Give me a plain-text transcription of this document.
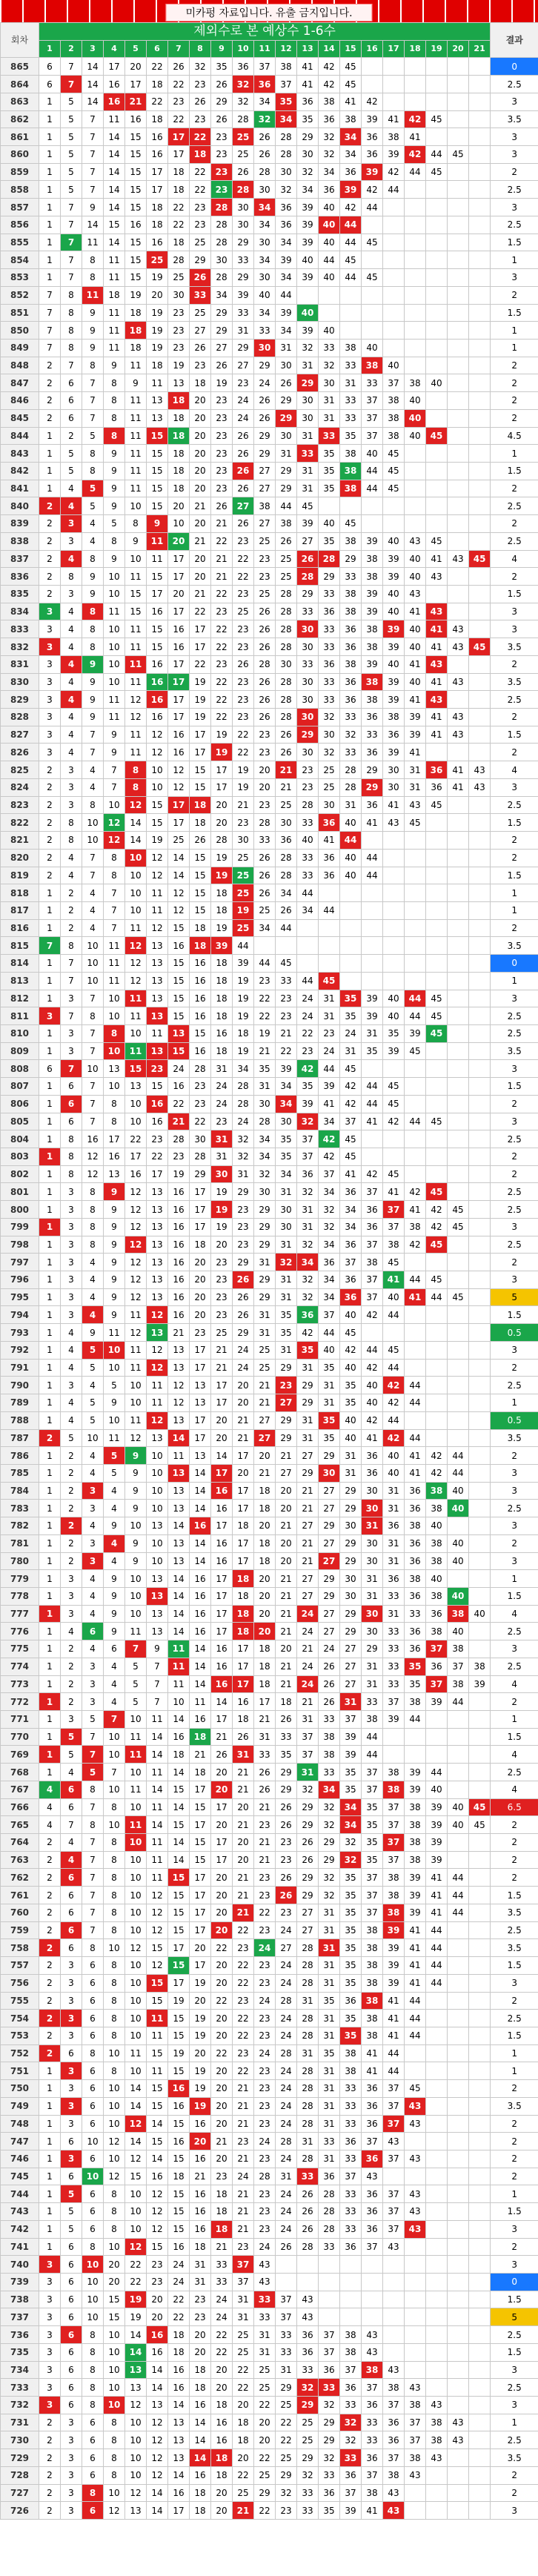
미카펑 자료입니다. 유출 금지입니다.
회차	제외수로 본 예상수 1-6수																					결과
	1	2	3	4	5	6	7	8	9	10	11	12	13	14	15	16	17	18	19	20	21	
865	6	7	14	17	20	22	26	32	35	36	37	38	41	42	45							0
864	6	7	14	16	17	18	22	23	26	32	36	37	41	42	45							2.5
863	1	5	14	16	21	22	23	26	29	32	34	35	36	38	41	42						3
862	1	5	7	11	16	18	22	23	26	28	32	34	35	36	38	39	41	42	45			3.5
861	1	5	7	14	15	16	17	22	23	25	26	28	29	32	34	36	38	41				3
860	1	5	7	14	15	16	17	18	23	25	26	28	30	32	34	36	39	42	44	45		3
859	1	5	7	14	15	17	18	22	23	26	28	30	32	34	36	39	42	44	45			2
858	1	5	7	14	15	17	18	22	23	28	30	32	34	36	39	42	44					2.5
857	1	7	9	14	15	18	22	23	28	30	34	36	39	40	42	44						3
856	1	7	14	15	16	18	22	23	28	30	34	36	39	40	44							2.5
855	1	7	11	14	15	16	18	25	28	29	30	34	39	40	44	45						1.5
854	1	7	8	11	15	25	28	29	30	33	34	39	40	44	45							1
853	1	7	8	11	15	19	25	26	28	29	30	34	39	40	44	45						3
852	7	8	11	18	19	20	30	33	34	39	40	44										2
851	7	8	9	11	18	19	23	25	29	33	34	39	40									1.5
850	7	8	9	11	18	19	23	27	29	31	33	34	39	40								1
849	7	8	9	11	18	19	23	26	27	29	30	31	32	33	38	40						1
848	2	7	8	9	11	18	19	23	26	27	29	30	31	32	33	38	40					2
847	2	6	7	8	9	11	13	18	19	23	24	26	29	30	31	33	37	38	40			2
846	2	6	7	8	11	13	18	20	23	24	26	29	30	31	33	37	38	40				2
845	2	6	7	8	11	13	18	20	23	24	26	29	30	31	33	37	38	40				2
844	1	2	5	8	11	15	18	20	23	26	29	30	31	33	35	37	38	40	45			4.5
843	1	5	8	9	11	15	18	20	23	26	29	31	33	35	38	40	45					1
842	1	5	8	9	11	15	18	20	23	26	27	29	31	35	38	44	45					1.5
841	1	4	5	9	11	15	18	20	23	26	27	29	31	35	38	44	45					2
840	2	4	5	9	10	15	20	21	26	27	38	44	45									2.5
839	2	3	4	5	8	9	10	20	21	26	27	38	39	40	45							2
838	2	3	4	8	9	11	20	21	22	23	25	26	27	35	38	39	40	43	45			2.5
837	2	4	8	9	10	11	17	20	21	22	23	25	26	28	29	38	39	40	41	43	45	4
836	2	8	9	10	11	15	17	20	21	22	23	25	28	29	33	38	39	40	43			2
835	2	3	9	10	15	17	20	21	22	23	25	28	29	33	38	39	40	43				1.5
834	3	4	8	11	15	16	17	22	23	25	26	28	33	36	38	39	40	41	43			3
833	3	4	8	10	11	15	16	17	22	23	26	28	30	33	36	38	39	40	41	43		3
832	3	4	8	10	11	15	16	17	22	23	26	28	30	33	36	38	39	40	41	43	45	3.5
831	3	4	9	10	11	16	17	22	23	26	28	30	33	36	38	39	40	41	43			2
830	3	4	9	10	11	16	17	19	22	23	26	28	30	33	36	38	39	40	41	43		3.5
829	3	4	9	11	12	16	17	19	22	23	26	28	30	33	36	38	39	41	43			2.5
828	3	4	9	11	12	16	17	19	22	23	26	28	30	32	33	36	38	39	41	43		2
827	3	4	7	9	11	12	16	17	19	22	23	26	29	30	32	33	36	39	41	43		1.5
826	3	4	7	9	11	12	16	17	19	22	23	26	30	32	33	36	39	41				2
825	2	3	4	7	8	10	12	15	17	19	20	21	23	25	28	29	30	31	36	41	43	4
824	2	3	4	7	8	10	12	15	17	19	20	21	23	25	28	29	30	31	36	41	43	3
823	2	3	8	10	12	15	17	18	20	21	23	25	28	30	31	36	41	43	45			2.5
822	2	8	10	12	14	15	17	18	20	23	28	30	33	36	40	41	43	45				1.5
821	2	8	10	12	14	19	25	26	28	30	33	36	40	41	44							2
820	2	4	7	8	10	12	14	15	19	25	26	28	33	36	40	44						2
819	2	4	7	8	10	12	14	15	19	25	26	28	33	36	40	44						1.5
818	1	2	4	7	10	11	12	15	18	25	26	34	44									1
817	1	2	4	7	10	11	12	15	18	19	25	26	34	44								1
816	1	2	4	7	11	12	15	18	19	25	34	44										2
815	7	8	10	11	12	13	16	18	39	44												3.5
814	1	7	10	11	12	13	15	16	18	39	44	45										0
813	1	7	10	11	12	13	15	16	18	19	23	33	44	45								1
812	1	3	7	10	11	13	15	16	18	19	22	23	24	31	35	39	40	44	45			3
811	3	7	8	10	11	13	15	16	18	19	22	23	24	31	35	39	40	44	45			2.5
810	1	3	7	8	10	11	13	15	16	18	19	21	22	23	24	31	35	39	45			2.5
809	1	3	7	10	11	13	15	16	18	19	21	22	23	24	31	35	39	45				3.5
808	6	7	10	13	15	23	24	28	31	34	35	39	42	44	45							3
807	1	6	7	10	13	15	16	23	24	28	31	34	35	39	42	44	45					1.5
806	1	6	7	8	10	16	22	23	24	28	30	34	39	41	42	44	45					2
805	1	6	7	8	10	16	21	22	23	24	28	30	32	34	37	41	42	44	45			3
804	1	8	16	17	22	23	28	30	31	32	34	35	37	42	45							2.5
803	1	8	12	16	17	22	23	28	31	32	34	35	37	42	45							2
802	1	8	12	13	16	17	19	29	30	31	32	34	36	37	41	42	45					2
801	1	3	8	9	12	13	16	17	19	29	30	31	32	34	36	37	41	42	45			2.5
800	1	3	8	9	12	13	16	17	19	23	29	30	31	32	34	36	37	41	42	45		2.5
799	1	3	8	9	12	13	16	17	19	23	29	30	31	32	34	36	37	38	42	45		3
798	1	3	8	9	12	13	16	18	20	23	29	31	32	34	36	37	38	42	45			2.5
797	1	3	4	9	12	13	16	20	23	29	31	32	34	36	37	38	45					2
796	1	3	4	9	12	13	16	20	23	26	29	31	32	34	36	37	41	44	45			3
795	1	3	4	9	12	13	16	20	23	26	29	31	32	34	36	37	40	41	44	45		5
794	1	3	4	9	11	12	16	20	23	26	31	35	36	37	40	42	44					1.5
793	1	4	9	11	12	13	21	23	25	29	31	35	42	44	45							0.5
792	1	4	5	10	11	12	13	17	21	24	25	31	35	40	42	44	45					3
791	1	4	5	10	11	12	13	17	21	24	25	29	31	35	40	42	44					2
790	1	3	4	5	10	11	12	13	17	20	21	23	29	31	35	40	42	44				2.5
789	1	4	5	9	10	11	12	13	17	20	21	27	29	31	35	40	42	44				1
788	1	4	5	10	11	12	13	17	20	21	27	29	31	35	40	42	44					0.5
787	2	5	10	11	12	13	14	17	20	21	27	29	31	35	40	41	42	44				3.5
786	1	2	4	5	9	10	11	13	14	17	20	21	27	29	31	36	40	41	42	44		2
785	1	2	4	5	9	10	13	14	17	20	21	27	29	30	31	36	40	41	42	44		3
784	1	2	3	4	9	10	13	14	16	17	18	20	21	27	29	30	31	36	38	40		3
783	1	2	3	4	9	10	13	14	16	17	18	20	21	27	29	30	31	36	38	40		2.5
782	1	2	4	9	10	13	14	16	17	18	20	21	27	29	30	31	36	38	40			3
781	1	2	3	4	9	10	13	14	16	17	18	20	21	27	29	30	31	36	38	40		2
780	1	2	3	4	9	10	13	14	16	17	18	20	21	27	29	30	31	36	38	40		3
779	1	3	4	9	10	13	14	16	17	18	20	21	27	29	30	31	36	38	40			1
778	1	3	4	9	10	13	14	16	17	18	20	21	27	29	30	31	33	36	38	40		1.5
777	1	3	4	9	10	13	14	16	17	18	20	21	24	27	29	30	31	33	36	38	40	4
776	1	4	6	9	11	13	14	16	17	18	20	21	24	27	29	30	33	36	38	40		2.5
775	1	2	4	6	7	9	11	14	16	17	18	20	21	24	27	29	33	36	37	38		3
774	1	2	3	4	5	7	11	14	16	17	18	21	24	26	27	31	33	35	36	37	38	2.5
773	1	2	3	4	5	7	11	14	16	17	18	21	24	26	27	31	33	35	37	38	39	4
772	1	2	3	4	5	7	10	11	14	16	17	18	21	26	31	33	37	38	39	44		2
771	1	3	5	7	10	11	14	16	17	18	21	26	31	33	37	38	39	44				1
770	1	5	7	10	11	14	16	18	21	26	31	33	37	38	39	44						1.5
769	1	5	7	10	11	14	18	21	26	31	33	35	37	38	39	44						4
768	1	4	5	7	10	11	14	18	20	21	26	29	31	33	35	37	38	39	44			2.5
767	4	6	8	10	11	14	15	17	20	21	26	29	32	34	35	37	38	39	40			4
766	4	6	7	8	10	11	14	15	17	20	21	26	29	32	34	35	37	38	39	40	45	6.5
765	4	7	8	10	11	14	15	17	20	21	23	26	29	32	34	35	37	38	39	40	45	2
764	2	4	7	8	10	11	14	15	17	20	21	23	26	29	32	35	37	38	39			2
763	2	4	7	8	10	11	14	15	17	20	21	23	26	29	32	35	37	38	39			2
762	2	6	7	8	10	11	15	17	20	21	23	26	29	32	35	37	38	39	41	44		2
761	2	6	7	8	10	12	15	17	20	21	23	26	29	32	35	37	38	39	41	44		1.5
760	2	6	7	8	10	12	15	17	20	21	22	23	27	31	35	37	38	39	41	44		3.5
759	2	6	7	8	10	12	15	17	20	22	23	24	27	31	35	38	39	41	44			2.5
758	2	6	8	10	12	15	17	20	22	23	24	27	28	31	35	38	39	41	44			3.5
757	2	3	6	8	10	12	15	17	20	22	23	24	28	31	35	38	39	41	44			1.5
756	2	3	6	8	10	15	17	19	20	22	23	24	28	31	35	38	39	41	44			3
755	2	3	6	8	10	15	19	20	22	23	24	28	31	35	36	38	41	44				2
754	2	3	6	8	10	11	15	19	20	22	23	24	28	31	35	38	41	44				2.5
753	2	3	6	8	10	11	15	19	20	22	23	24	28	31	35	38	41	44				1.5
752	2	6	8	10	11	15	19	20	22	23	24	28	31	35	38	41	44					1
751	1	3	6	8	10	11	15	19	20	22	23	24	28	31	38	41	44					1
750	1	3	6	10	14	15	16	19	20	21	23	24	28	31	33	36	37	45				2
749	1	3	6	10	14	15	16	19	20	21	23	24	28	31	33	36	37	43				3.5
748	1	3	6	10	12	14	15	16	20	21	23	24	28	31	33	36	37	43				2
747	1	6	10	12	14	15	16	20	21	23	24	28	31	33	36	37	43					2
746	1	3	6	10	12	14	15	16	20	21	23	24	28	31	33	36	37	43				2
745	1	6	10	12	15	16	18	21	23	24	28	31	33	36	37	43						2
744	1	5	6	8	10	12	15	16	18	21	23	24	26	28	33	36	37	43				1
743	1	5	6	8	10	12	15	16	18	21	23	24	26	28	33	36	37	43				1.5
742	1	5	6	8	10	12	15	16	18	21	23	24	26	28	33	36	37	43				3
741	1	6	8	10	12	15	16	18	21	23	24	26	28	33	36	37	43					2
740	3	6	10	20	22	23	24	31	33	37	43											3
739	3	6	10	20	22	23	24	31	33	37	43											0
738	3	6	10	15	19	20	22	23	24	31	33	37	43									1.5
737	3	6	10	15	19	20	22	23	24	31	33	37	43									5
736	3	6	8	10	14	16	18	20	22	25	31	33	36	37	38	43						2.5
735	3	6	8	10	14	16	18	20	22	25	31	33	36	37	38	43						1.5
734	3	6	8	10	13	14	16	18	20	22	25	31	33	36	37	38	43					3
733	3	6	8	10	13	14	16	18	20	22	25	29	32	33	36	37	38	43				2.5
732	3	6	8	10	12	13	14	16	18	20	22	25	29	32	33	36	37	38	43			3
731	2	3	6	8	10	12	13	14	16	18	20	22	25	29	32	33	36	37	38	43		1
730	2	3	6	8	10	12	13	14	16	18	20	22	25	29	32	33	36	37	38	43		2.5
729	2	3	6	8	10	12	13	14	18	20	22	25	29	32	33	36	37	38	43			3.5
728	2	3	6	8	10	12	14	16	18	22	25	29	32	33	36	37	38	43				2
727	2	3	8	10	12	14	16	18	20	25	29	32	33	36	37	38	43					2
726	2	3	6	12	13	14	17	18	20	21	22	23	33	35	39	41	43					3
